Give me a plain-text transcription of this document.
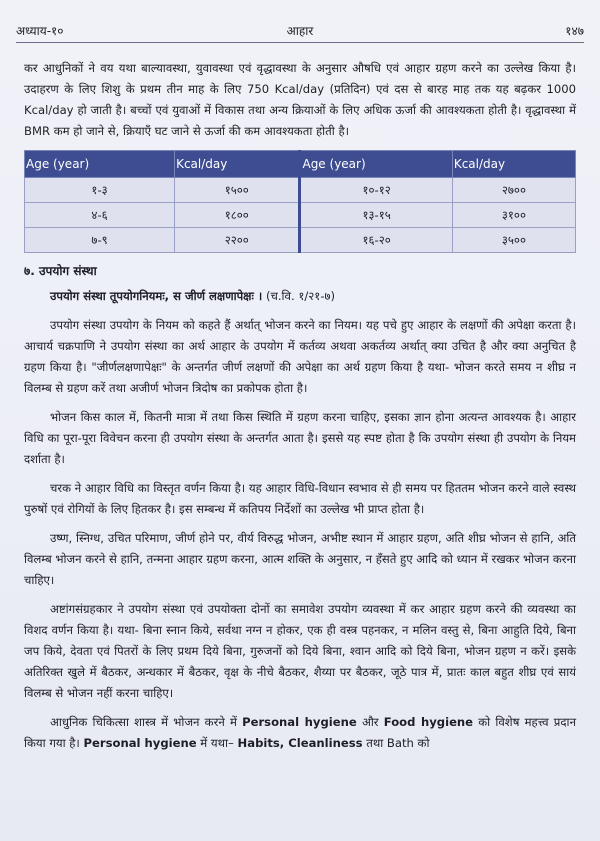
अध्याय-१०	आहार	१४७

कर आधुनिकों ने वय यथा बाल्यावस्था, युवावस्था एवं वृद्धावस्था के अनुसार औषधि एवं आहार ग्रहण करने का उल्लेख किया है। उदाहरण के लिए शिशु के प्रथम तीन माह के लिए 750 Kcal/day (प्रतिदिन) एवं दस से बारह माह तक यह बढ़कर 1000 Kcal/day हो जाती है। बच्चों एवं युवाओं में विकास तथा अन्य क्रियाओं के लिए अधिक ऊर्जा की आवश्यकता होती है। वृद्धावस्था में BMR कम हो जाने से, क्रियाएँ घट जाने से ऊर्जा की कम आवश्यकता होती है।

Age (year)	Kcal/day	Age (year)	Kcal/day
१-३	१५००	१०-१२	२७००
४-६	१८००	१३-१५	३१००
७-९	२२००	१६-२०	३५००
७. उपयोग संस्था
उपयोग संस्था तूपयोगनियमः, स जीर्ण लक्षणापेक्षः । (च.वि. १/२१-७)

उपयोग संस्था उपयोग के नियम को कहते हैं अर्थात् भोजन करने का नियम। यह पचे हुए आहार के लक्षणों की अपेक्षा करता है। आचार्य चक्रपाणि ने उपयोग संस्था का अर्थ आहार के उपयोग में कर्तव्य अथवा अकर्तव्य अर्थात् क्या उचित है और क्या अनुचित है ग्रहण किया है। "जीर्णलक्षणापेक्षः" के अन्तर्गत जीर्ण लक्षणों की अपेक्षा का अर्थ ग्रहण किया है यथा- भोजन करते समय न शीघ्र न विलम्ब से ग्रहण करें तथा अजीर्ण भोजन त्रिदोष का प्रकोपक होता है।

भोजन किस काल में, कितनी मात्रा में तथा किस स्थिति में ग्रहण करना चाहिए, इसका ज्ञान होना अत्यन्त आवश्यक है। आहार विधि का पूरा-पूरा विवेचन करना ही उपयोग संस्था के अन्तर्गत आता है। इससे यह स्पष्ट होता है कि उपयोग संस्था ही उपयोग के नियम दर्शाता है।

चरक ने आहार विधि का विस्तृत वर्णन किया है। यह आहार विधि-विधान स्वभाव से ही समय पर हिततम भोजन करने वाले स्वस्थ पुरुषों एवं रोगियों के लिए हितकर है। इस सम्बन्ध में कतिपय निर्देशों का उल्लेख भी प्राप्त होता है।

उष्ण, स्निग्ध, उचित परिमाण, जीर्ण होने पर, वीर्य विरुद्ध भोजन, अभीष्ट स्थान में आहार ग्रहण, अति शीघ्र भोजन से हानि, अति विलम्ब भोजन करने से हानि, तन्मना आहार ग्रहण करना, आत्म शक्ति के अनुसार, न हँसते हुए आदि को ध्यान में रखकर भोजन करना चाहिए।

अष्टांगसंग्रहकार ने उपयोग संस्था एवं उपयोक्ता दोनों का समावेश उपयोग व्यवस्था में कर आहार ग्रहण करने की व्यवस्था का विशद वर्णन किया है। यथा- बिना स्नान किये, सर्वथा नग्न न होकर, एक ही वस्त्र पहनकर, न मलिन वस्तु से, बिना आहुति दिये, बिना जप किये, देवता एवं पितरों के लिए प्रथम दिये बिना, गुरुजनों को दिये बिना, श्वान आदि को दिये बिना, भोजन ग्रहण न करें। इसके अतिरिक्त खुले में बैठकर, अन्धकार में बैठकर, वृक्ष के नीचे बैठकर, शैय्या पर बैठकर, जूठे पात्र में, प्रातः काल बहुत शीघ्र एवं सायं विलम्ब से भोजन नहीं करना चाहिए।

आधुनिक चिकित्सा शास्त्र में भोजन करने में Personal hygiene और Food hygiene को विशेष महत्त्व प्रदान किया गया है। Personal hygiene में यथा– Habits, Cleanliness तथा Bath को
